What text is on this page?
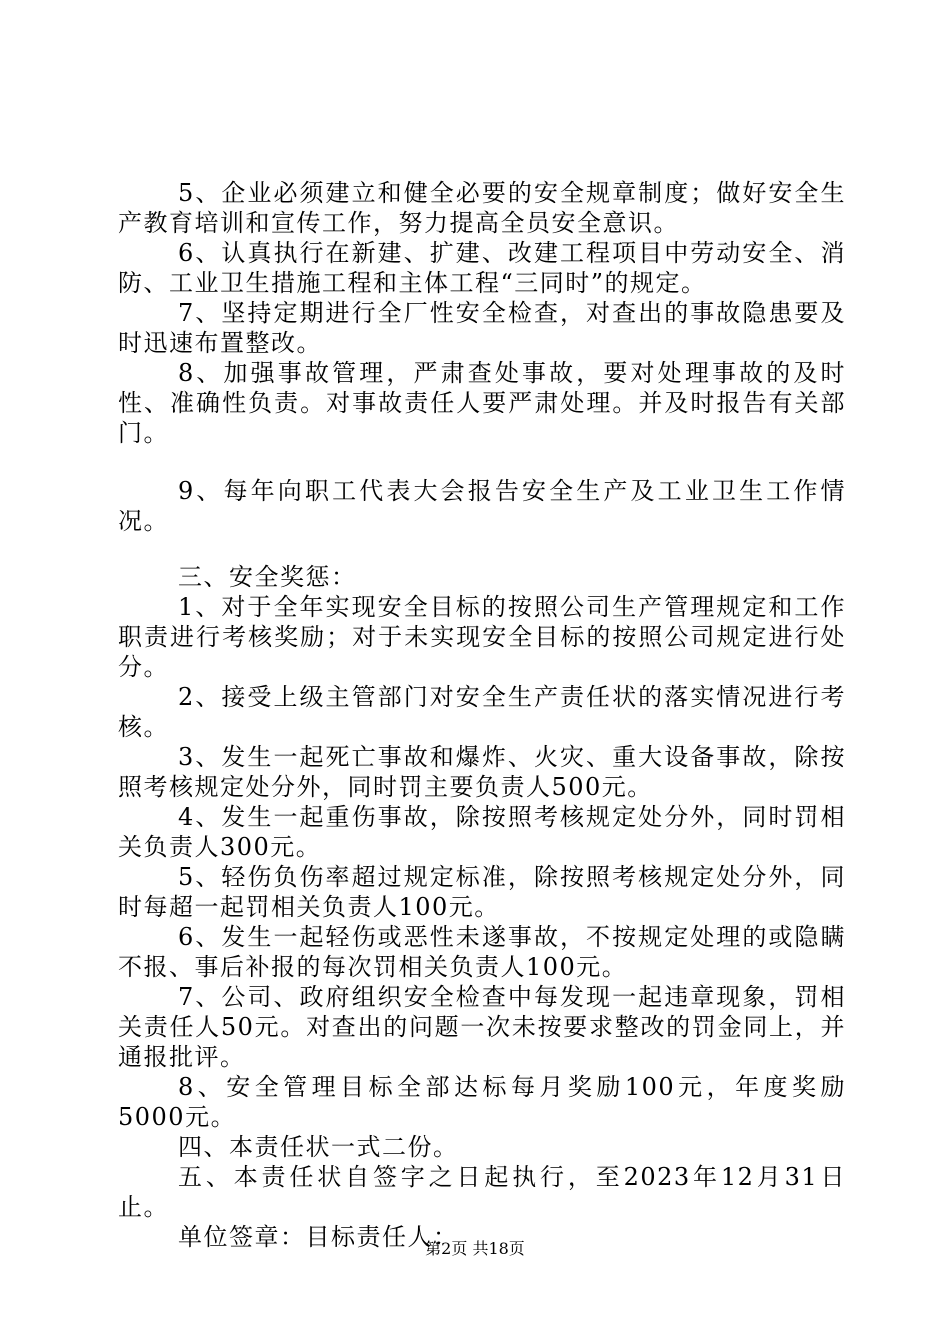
5、企业必须建立和健全必要的安全规章制度；做好安全生产教育培训和宣传工作，努力提高全员安全意识。

6、认真执行在新建、扩建、改建工程项目中劳动安全、消防、工业卫生措施工程和主体工程“三同时”的规定。

7、坚持定期进行全厂性安全检查，对查出的事故隐患要及时迅速布置整改。

8、加强事故管理，严肃查处事故，要对处理事故的及时性、准确性负责。对事故责任人要严肃处理。并及时报告有关部门。

9、每年向职工代表大会报告安全生产及工业卫生工作情况。

三、安全奖惩：

1、对于全年实现安全目标的按照公司生产管理规定和工作职责进行考核奖励；对于未实现安全目标的按照公司规定进行处分。

2、接受上级主管部门对安全生产责任状的落实情况进行考核。

3、发生一起死亡事故和爆炸、火灾、重大设备事故，除按照考核规定处分外，同时罚主要负责人500元。

4、发生一起重伤事故，除按照考核规定处分外，同时罚相关负责人300元。

5、轻伤负伤率超过规定标准，除按照考核规定处分外，同时每超一起罚相关负责人100元。

6、发生一起轻伤或恶性未遂事故，不按规定处理的或隐瞒不报、事后补报的每次罚相关负责人100元。

7、公司、政府组织安全检查中每发现一起违章现象，罚相关责任人50元。对查出的问题一次未按要求整改的罚金同上，并通报批评。

8、安全管理目标全部达标每月奖励100元，年度奖励5000元。

四、本责任状一式二份。

五、本责任状自签字之日起执行，至2023年12月31日止。

单位签章：目标责任人：

第2页 共18页
